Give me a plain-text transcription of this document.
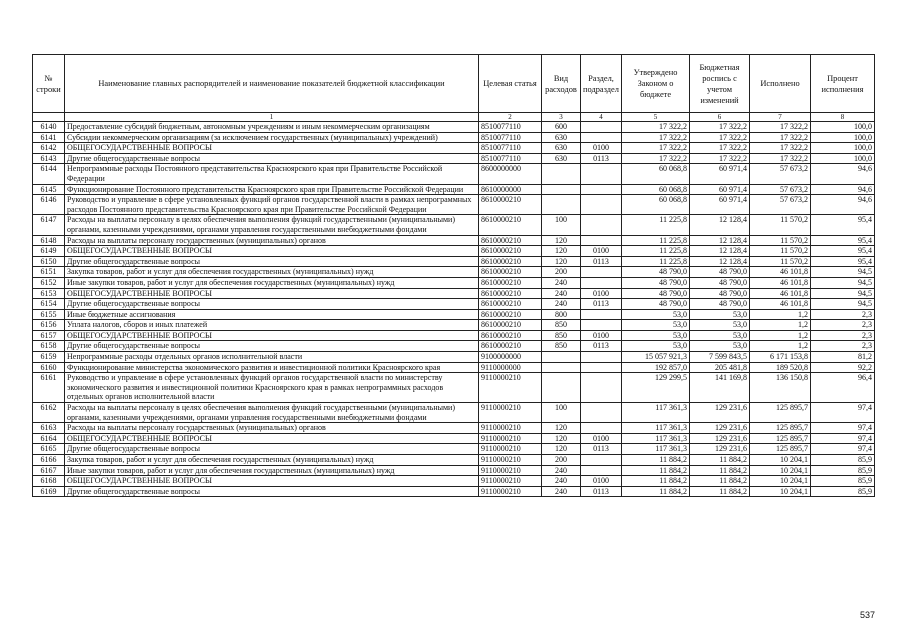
№ строки	Наименование главных распорядителей и наименование показателей бюджетной классификации	Целевая статья	Вид расходов	Раздел, подраздел	Утверждено Законом о бюджете	Бюджетная роспись с учетом изменений	Исполнено	Процент исполнения
	1	2	3	4	5	6	7	8
6140	Предоставление субсидий бюджетным, автономным учреждениям и иным некоммерческим организациям	8510077110	600		17 322,2	17 322,2	17 322,2	100,0
6141	Субсидии некоммерческим организациям (за исключением государственных (муниципальных) учреждений)	8510077110	630		17 322,2	17 322,2	17 322,2	100,0
6142	ОБЩЕГОСУДАРСТВЕННЫЕ ВОПРОСЫ	8510077110	630	0100	17 322,2	17 322,2	17 322,2	100,0
6143	Другие общегосударственные вопросы	8510077110	630	0113	17 322,2	17 322,2	17 322,2	100,0
6144	Непрограммные расходы Постоянного представительства Красноярского края при Правительстве Российской Федерации	8600000000			60 068,8	60 971,4	57 673,2	94,6
6145	Функционирование Постоянного представительства Красноярского края при Правительстве Российской Федерации	8610000000			60 068,8	60 971,4	57 673,2	94,6
6146	Руководство и управление в сфере установленных функций органов государственной власти в рамках непрограммных расходов Постоянного представительства Красноярского края при Правительстве Российской Федерации	8610000210			60 068,8	60 971,4	57 673,2	94,6
6147	Расходы на выплаты персоналу в целях обеспечения выполнения функций государственными (муниципальными) органами, казенными учреждениями, органами управления государственными внебюджетными фондами	8610000210	100		11 225,8	12 128,4	11 570,2	95,4
6148	Расходы на выплаты персоналу государственных (муниципальных) органов	8610000210	120		11 225,8	12 128,4	11 570,2	95,4
6149	ОБЩЕГОСУДАРСТВЕННЫЕ ВОПРОСЫ	8610000210	120	0100	11 225,8	12 128,4	11 570,2	95,4
6150	Другие общегосударственные вопросы	8610000210	120	0113	11 225,8	12 128,4	11 570,2	95,4
6151	Закупка товаров, работ и услуг для обеспечения государственных (муниципальных) нужд	8610000210	200		48 790,0	48 790,0	46 101,8	94,5
6152	Иные закупки товаров, работ и услуг для обеспечения государственных (муниципальных) нужд	8610000210	240		48 790,0	48 790,0	46 101,8	94,5
6153	ОБЩЕГОСУДАРСТВЕННЫЕ ВОПРОСЫ	8610000210	240	0100	48 790,0	48 790,0	46 101,8	94,5
6154	Другие общегосударственные вопросы	8610000210	240	0113	48 790,0	48 790,0	46 101,8	94,5
6155	Иные бюджетные ассигнования	8610000210	800		53,0	53,0	1,2	2,3
6156	Уплата налогов, сборов и иных платежей	8610000210	850		53,0	53,0	1,2	2,3
6157	ОБЩЕГОСУДАРСТВЕННЫЕ ВОПРОСЫ	8610000210	850	0100	53,0	53,0	1,2	2,3
6158	Другие общегосударственные вопросы	8610000210	850	0113	53,0	53,0	1,2	2,3
6159	Непрограммные расходы отдельных органов исполнительной власти	9100000000			15 057 921,3	7 599 843,5	6 171 153,8	81,2
6160	Функционирование министерства экономического развития и инвестиционной политики Красноярского края	9110000000			192 857,0	205 481,8	189 520,8	92,2
6161	Руководство и управление в сфере установленных функций органов государственной власти по министерству экономического развития и инвестиционной политики Красноярского края в рамках непрограммных расходов отдельных органов исполнительной власти	9110000210			129 299,5	141 169,8	136 150,8	96,4
6162	Расходы на выплаты персоналу в целях обеспечения выполнения функций государственными (муниципальными) органами, казенными учреждениями, органами управления государственными внебюджетными фондами	9110000210	100		117 361,3	129 231,6	125 895,7	97,4
6163	Расходы на выплаты персоналу государственных (муниципальных) органов	9110000210	120		117 361,3	129 231,6	125 895,7	97,4
6164	ОБЩЕГОСУДАРСТВЕННЫЕ ВОПРОСЫ	9110000210	120	0100	117 361,3	129 231,6	125 895,7	97,4
6165	Другие общегосударственные вопросы	9110000210	120	0113	117 361,3	129 231,6	125 895,7	97,4
6166	Закупка товаров, работ и услуг для обеспечения государственных (муниципальных) нужд	9110000210	200		11 884,2	11 884,2	10 204,1	85,9
6167	Иные закупки товаров, работ и услуг для обеспечения государственных (муниципальных) нужд	9110000210	240		11 884,2	11 884,2	10 204,1	85,9
6168	ОБЩЕГОСУДАРСТВЕННЫЕ ВОПРОСЫ	9110000210	240	0100	11 884,2	11 884,2	10 204,1	85,9
6169	Другие общегосударственные вопросы	9110000210	240	0113	11 884,2	11 884,2	10 204,1	85,9
537
